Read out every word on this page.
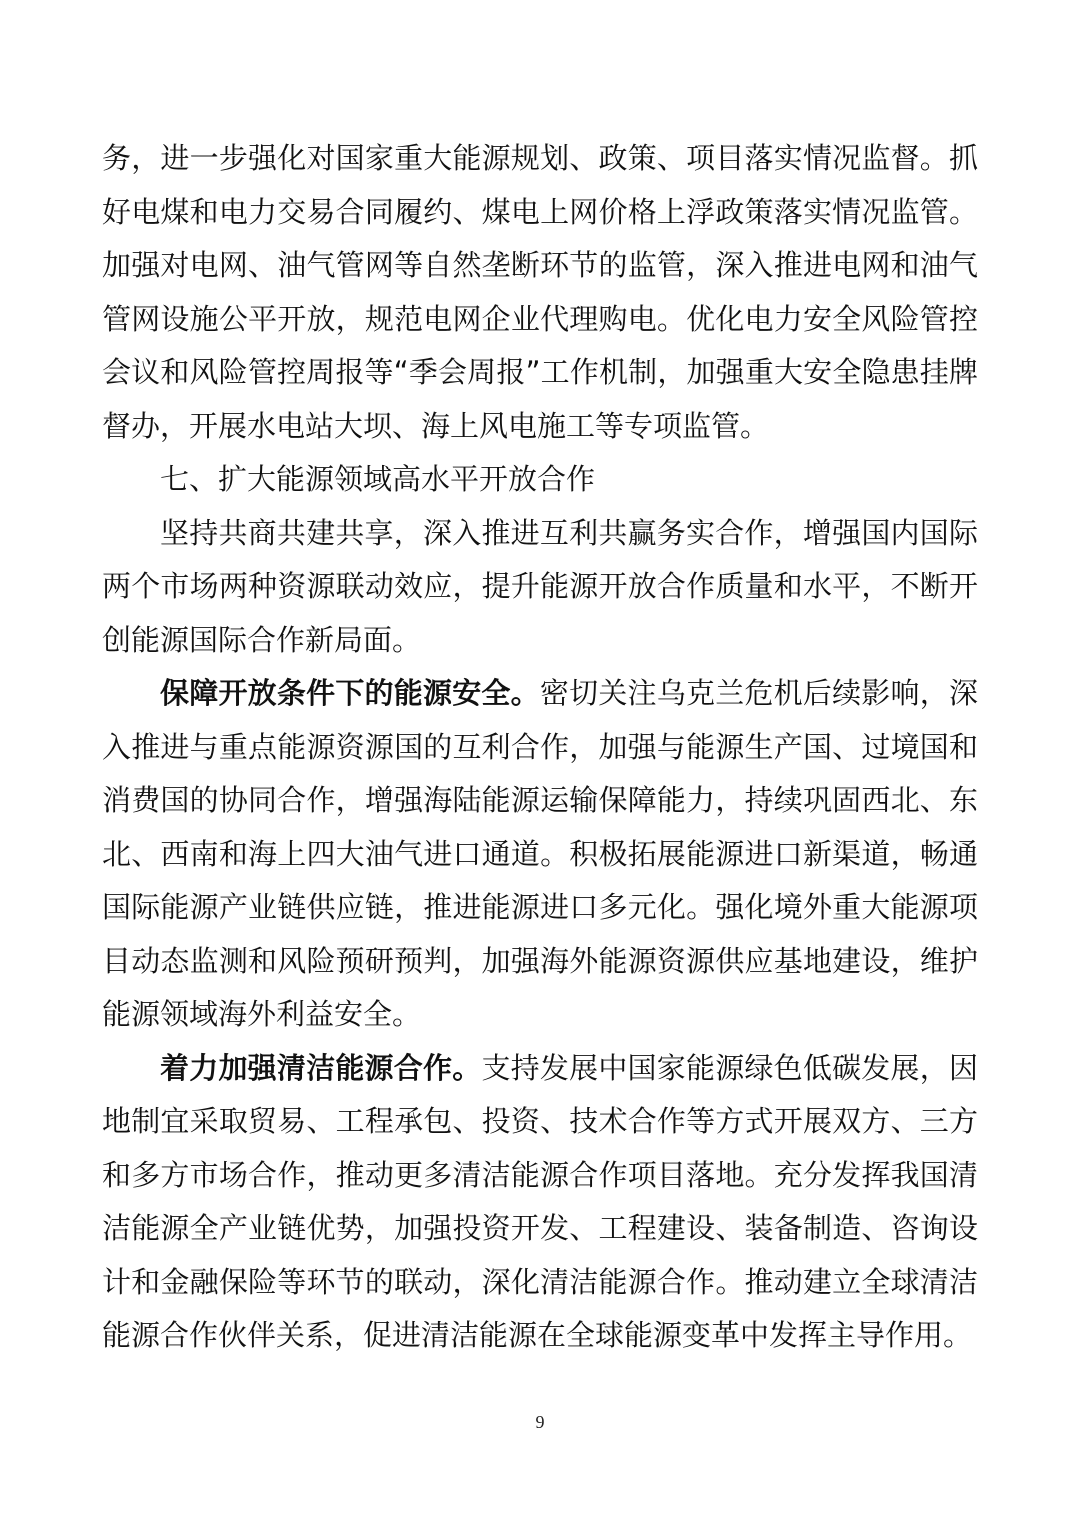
务，进一步强化对国家重大能源规划、政策、项目落实情况监督。抓好电煤和电力交易合同履约、煤电上网价格上浮政策落实情况监管。加强对电网、油气管网等自然垄断环节的监管，深入推进电网和油气管网设施公平开放，规范电网企业代理购电。优化电力安全风险管控会议和风险管控周报等“季会周报”工作机制，加强重大安全隐患挂牌督办，开展水电站大坝、海上风电施工等专项监管。

七、扩大能源领域高水平开放合作

坚持共商共建共享，深入推进互利共赢务实合作，增强国内国际两个市场两种资源联动效应，提升能源开放合作质量和水平，不断开创能源国际合作新局面。

保障开放条件下的能源安全。密切关注乌克兰危机后续影响，深入推进与重点能源资源国的互利合作，加强与能源生产国、过境国和消费国的协同合作，增强海陆能源运输保障能力，持续巩固西北、东北、西南和海上四大油气进口通道。积极拓展能源进口新渠道，畅通国际能源产业链供应链，推进能源进口多元化。强化境外重大能源项目动态监测和风险预研预判，加强海外能源资源供应基地建设，维护能源领域海外利益安全。

着力加强清洁能源合作。支持发展中国家能源绿色低碳发展，因地制宜采取贸易、工程承包、投资、技术合作等方式开展双方、三方和多方市场合作，推动更多清洁能源合作项目落地。充分发挥我国清洁能源全产业链优势，加强投资开发、工程建设、装备制造、咨询设计和金融保险等环节的联动，深化清洁能源合作。推动建立全球清洁能源合作伙伴关系，促进清洁能源在全球能源变革中发挥主导作用。

9
